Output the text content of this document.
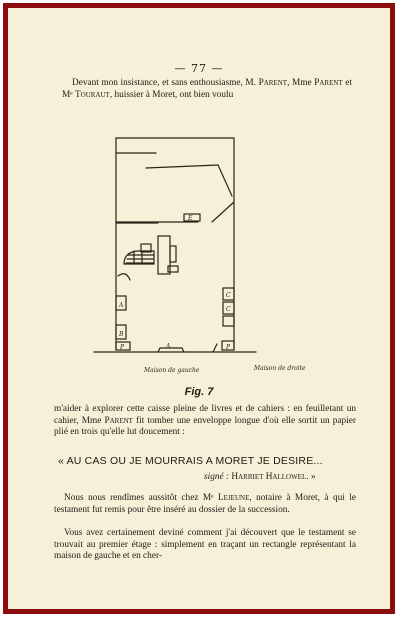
— 77 —

Devant mon insistance, et sans enthousiasme, M. Parent, Mme Parent et Mᵉ Touraut, huissier à Moret, ont bien voulu

A
B
P
C
C
P
E
A
Maison de gauche	Maison de droite
Fig. 7

m'aider à explorer cette caisse pleine de livres et de cahiers : en feuilletant un cahier, Mme Parent fit tomber une enveloppe longue d'où elle sortit un papier plié en trois qu'elle lut doucement :

« AU CAS OU JE MOURRAIS A MORET JE DESIRE...
signé : Harriet Hallowel. »

Nous nous rendîmes aussitôt chez Mᵉ Lejeune, notaire à Moret, à qui le testament fut remis pour être inséré au dossier de la succession.

Vous avez certainement deviné comment j'ai découvert que le testament se trouvait au premier étage : simplement en traçant un rectangle représentant la maison de gauche et en cher-
